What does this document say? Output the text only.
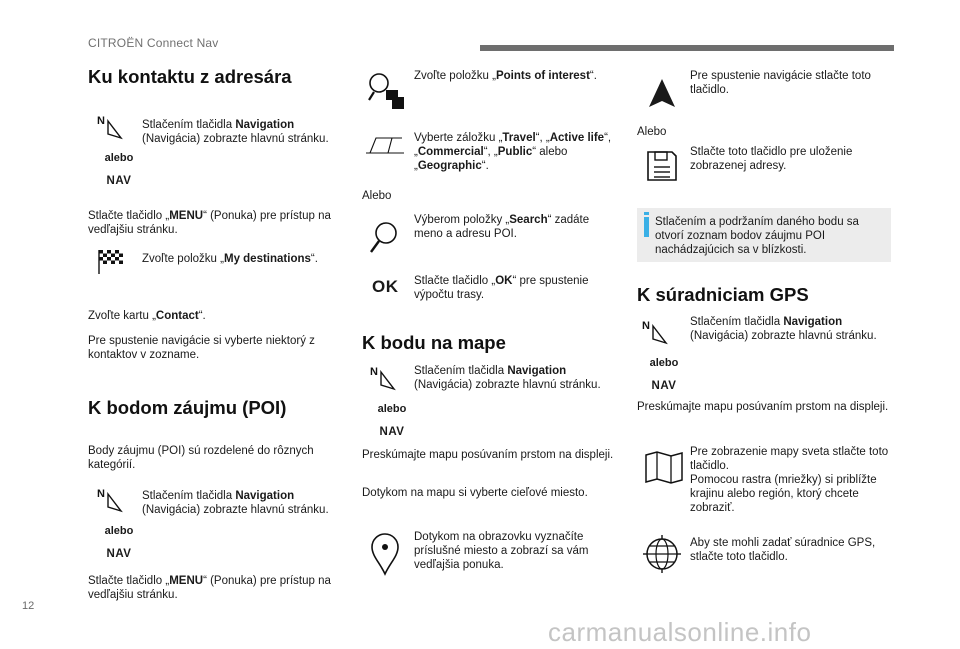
CITROËN Connect Nav
12
carmanualsonline.info
Ku kontaktu z adresára
N
alebo
NAV
Stlačením tlačidla Navigation (Navigácia) zobrazte hlavnú stránku.
Stlačte tlačidlo „MENU“ (Ponuka) pre prístup na vedľajšiu stránku.
Zvoľte položku „My destinations“.
Zvoľte kartu „Contact“.
Pre spustenie navigácie si vyberte niektorý z kontaktov v zozname.
K bodom záujmu (POI)
Body záujmu (POI) sú rozdelené do rôznych kategórií.
N
alebo
NAV
Stlačením tlačidla Navigation (Navigácia) zobrazte hlavnú stránku.
Stlačte tlačidlo „MENU“ (Ponuka) pre prístup na vedľajšiu stránku.
Zvoľte položku „Points of interest“.
Vyberte záložku „Travel“, „Active life“, „Commercial“, „Public“ alebo „Geographic“.
Alebo
Výberom položky „Search“ zadáte meno a adresu POI.
OK Stlačte tlačidlo „OK“ pre spustenie výpočtu trasy.
K bodu na mape
N
alebo
NAV
Stlačením tlačidla Navigation (Navigácia) zobrazte hlavnú stránku.
Preskúmajte mapu posúvaním prstom na displeji.
Dotykom na mapu si vyberte cieľové miesto.
Dotykom na obrazovku vyznačíte príslušné miesto a zobrazí sa vám vedľajšia ponuka.
Pre spustenie navigácie stlačte toto tlačidlo.
Alebo
Stlačte toto tlačidlo pre uloženie zobrazenej adresy.
Stlačením a podržaním daného bodu sa otvorí zoznam bodov záujmu POI nachádzajúcich sa v blízkosti.
K súradniciam GPS
N
alebo
NAV
Stlačením tlačidla Navigation (Navigácia) zobrazte hlavnú stránku.
Preskúmajte mapu posúvaním prstom na displeji.
Pre zobrazenie mapy sveta stlačte toto tlačidlo.
Pomocou rastra (mriežky) si priblížte krajinu alebo región, ktorý chcete zobraziť.
Aby ste mohli zadať súradnice GPS, stlačte toto tlačidlo.
